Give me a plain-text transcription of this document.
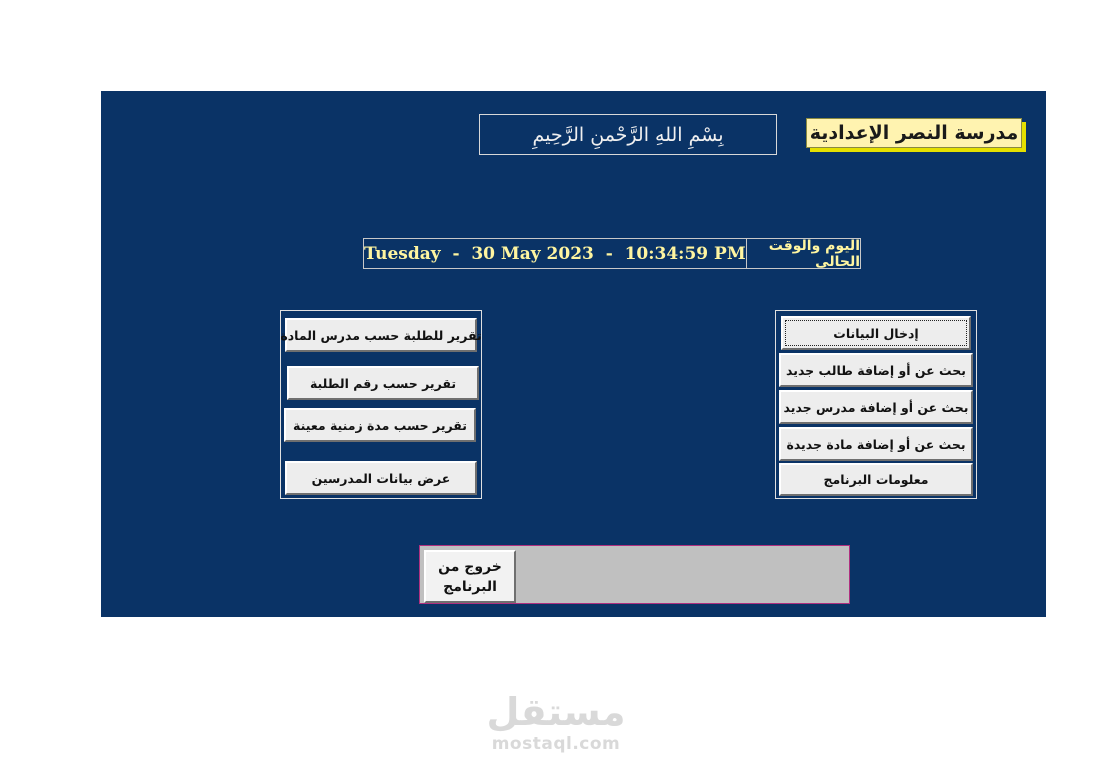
مدرسة النصر الإعدادية
بِسْمِ اللهِ الرَّحْمنِ الرَّحِيمِ
Tuesday  -  30 May 2023  -  10:34:59 PM	اليوم والوقت الحالى
إدخال البيانات
بحث عن أو إضافة طالب جديد
بحث عن أو إضافة مدرس جديد
بحث عن أو إضافة مادة جديدة
معلومات البرنامج
تقرير للطلبة حسب مدرس المادة
تقرير حسب رقم الطلبة
تقرير حسب مدة زمنية معينة
عرض بيانات المدرسين
خروج من
البرنامج
مستقل
mostaql.com
